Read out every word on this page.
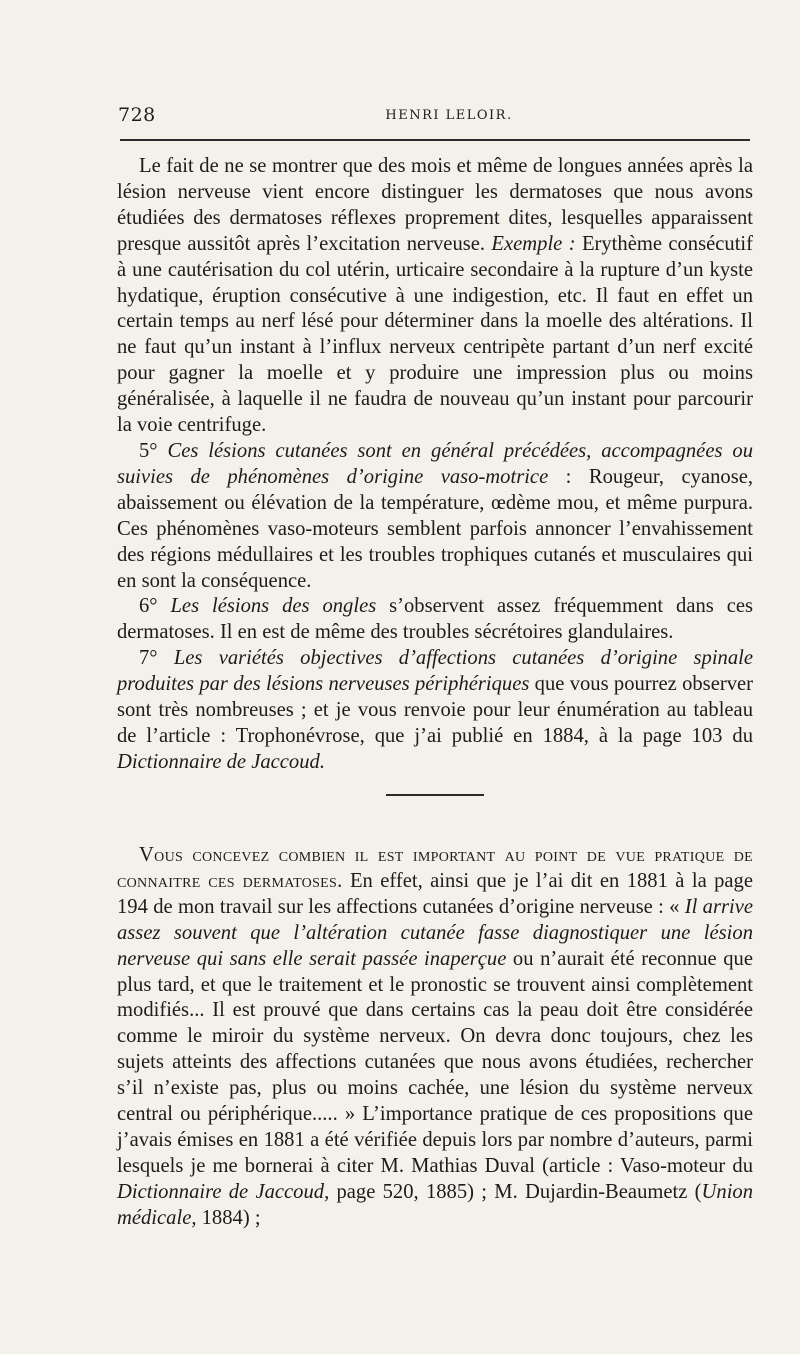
728	HENRI LELOIR.

Le fait de ne se montrer que des mois et même de longues années après la lésion nerveuse vient encore distinguer les dermatoses que nous avons étudiées des dermatoses réflexes proprement dites, lesquelles apparaissent presque aussitôt après l’excitation nerveuse. Exemple : Erythème consécutif à une cautérisation du col utérin, urticaire secondaire à la rupture d’un kyste hydatique, éruption consécutive à une indigestion, etc. Il faut en effet un certain temps au nerf lésé pour déterminer dans la moelle des altérations. Il ne faut qu’un instant à l’influx nerveux centripète partant d’un nerf excité pour gagner la moelle et y produire une impression plus ou moins généralisée, à laquelle il ne faudra de nouveau qu’un instant pour parcourir la voie centrifuge.

5° Ces lésions cutanées sont en général précédées, accompagnées ou suivies de phénomènes d’origine vaso-motrice : Rougeur, cyanose, abaissement ou élévation de la température, œdème mou, et même purpura. Ces phénomènes vaso-moteurs semblent parfois annoncer l’envahissement des régions médullaires et les troubles trophiques cutanés et musculaires qui en sont la conséquence.

6° Les lésions des ongles s’observent assez fréquemment dans ces dermatoses. Il en est de même des troubles sécrétoires glandulaires.

7° Les variétés objectives d’affections cutanées d’origine spinale produites par des lésions nerveuses périphériques que vous pourrez observer sont très nombreuses ; et je vous renvoie pour leur énumération au tableau de l’article : Trophonévrose, que j’ai publié en 1884, à la page 103 du Dictionnaire de Jaccoud.

Vous concevez combien il est important au point de vue pratique de connaitre ces dermatoses. En effet, ainsi que je l’ai dit en 1881 à la page 194 de mon travail sur les affections cutanées d’origine nerveuse : « Il arrive assez souvent que l’altération cutanée fasse diagnostiquer une lésion nerveuse qui sans elle serait passée inaperçue ou n’aurait été reconnue que plus tard, et que le traitement et le pronostic se trouvent ainsi complètement modifiés... Il est prouvé que dans certains cas la peau doit être considérée comme le miroir du système nerveux. On devra donc toujours, chez les sujets atteints des affections cutanées que nous avons étudiées, rechercher s’il n’existe pas, plus ou moins cachée, une lésion du système nerveux central ou périphérique..... » L’importance pratique de ces propositions que j’avais émises en 1881 a été vérifiée depuis lors par nombre d’auteurs, parmi lesquels je me bornerai à citer M. Mathias Duval (article : Vaso-moteur du Dictionnaire de Jaccoud, page 520, 1885) ; M. Dujardin-Beaumetz (Union médicale, 1884) ;
